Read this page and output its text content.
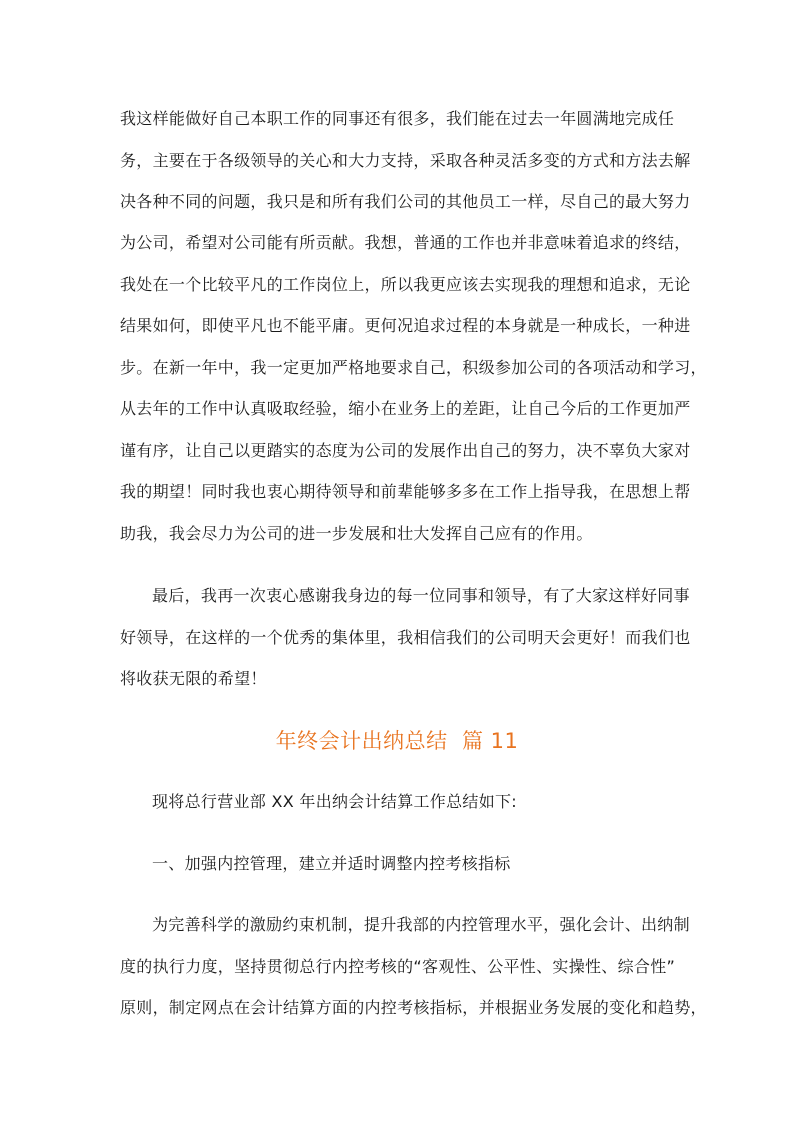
我这样能做好自己本职工作的同事还有很多，我们能在过去一年圆满地完成任
务，主要在于各级领导的关心和大力支持，采取各种灵活多变的方式和方法去解
决各种不同的问题，我只是和所有我们公司的其他员工一样，尽自己的最大努力
为公司，希望对公司能有所贡献。我想，普通的工作也并非意味着追求的终结，
我处在一个比较平凡的工作岗位上，所以我更应该去实现我的理想和追求，无论
结果如何，即使平凡也不能平庸。更何况追求过程的本身就是一种成长，一种进
步。在新一年中，我一定更加严格地要求自己，积级参加公司的各项活动和学习，
从去年的工作中认真吸取经验，缩小在业务上的差距，让自己今后的工作更加严
谨有序，让自己以更踏实的态度为公司的发展作出自己的努力，决不辜负大家对
我的期望！同时我也衷心期待领导和前辈能够多多在工作上指导我，在思想上帮
助我，我会尽力为公司的进一步发展和壮大发挥自己应有的作用。
最后，我再一次衷心感谢我身边的每一位同事和领导，有了大家这样好同事
好领导，在这样的一个优秀的集体里，我相信我们的公司明天会更好！而我们也
将收获无限的希望！
现将总行营业部 XX 年出纳会计结算工作总结如下:
一、加强内控管理，建立并适时调整内控考核指标
为完善科学的激励约束机制，提升我部的内控管理水平，强化会计、出纳制
度的执行力度，坚持贯彻总行内控考核的“客观性、公平性、实操性、综合性”
原则，制定网点在会计结算方面的内控考核指标，并根据业务发展的变化和趋势，
年终会计出纳总结  篇 11
